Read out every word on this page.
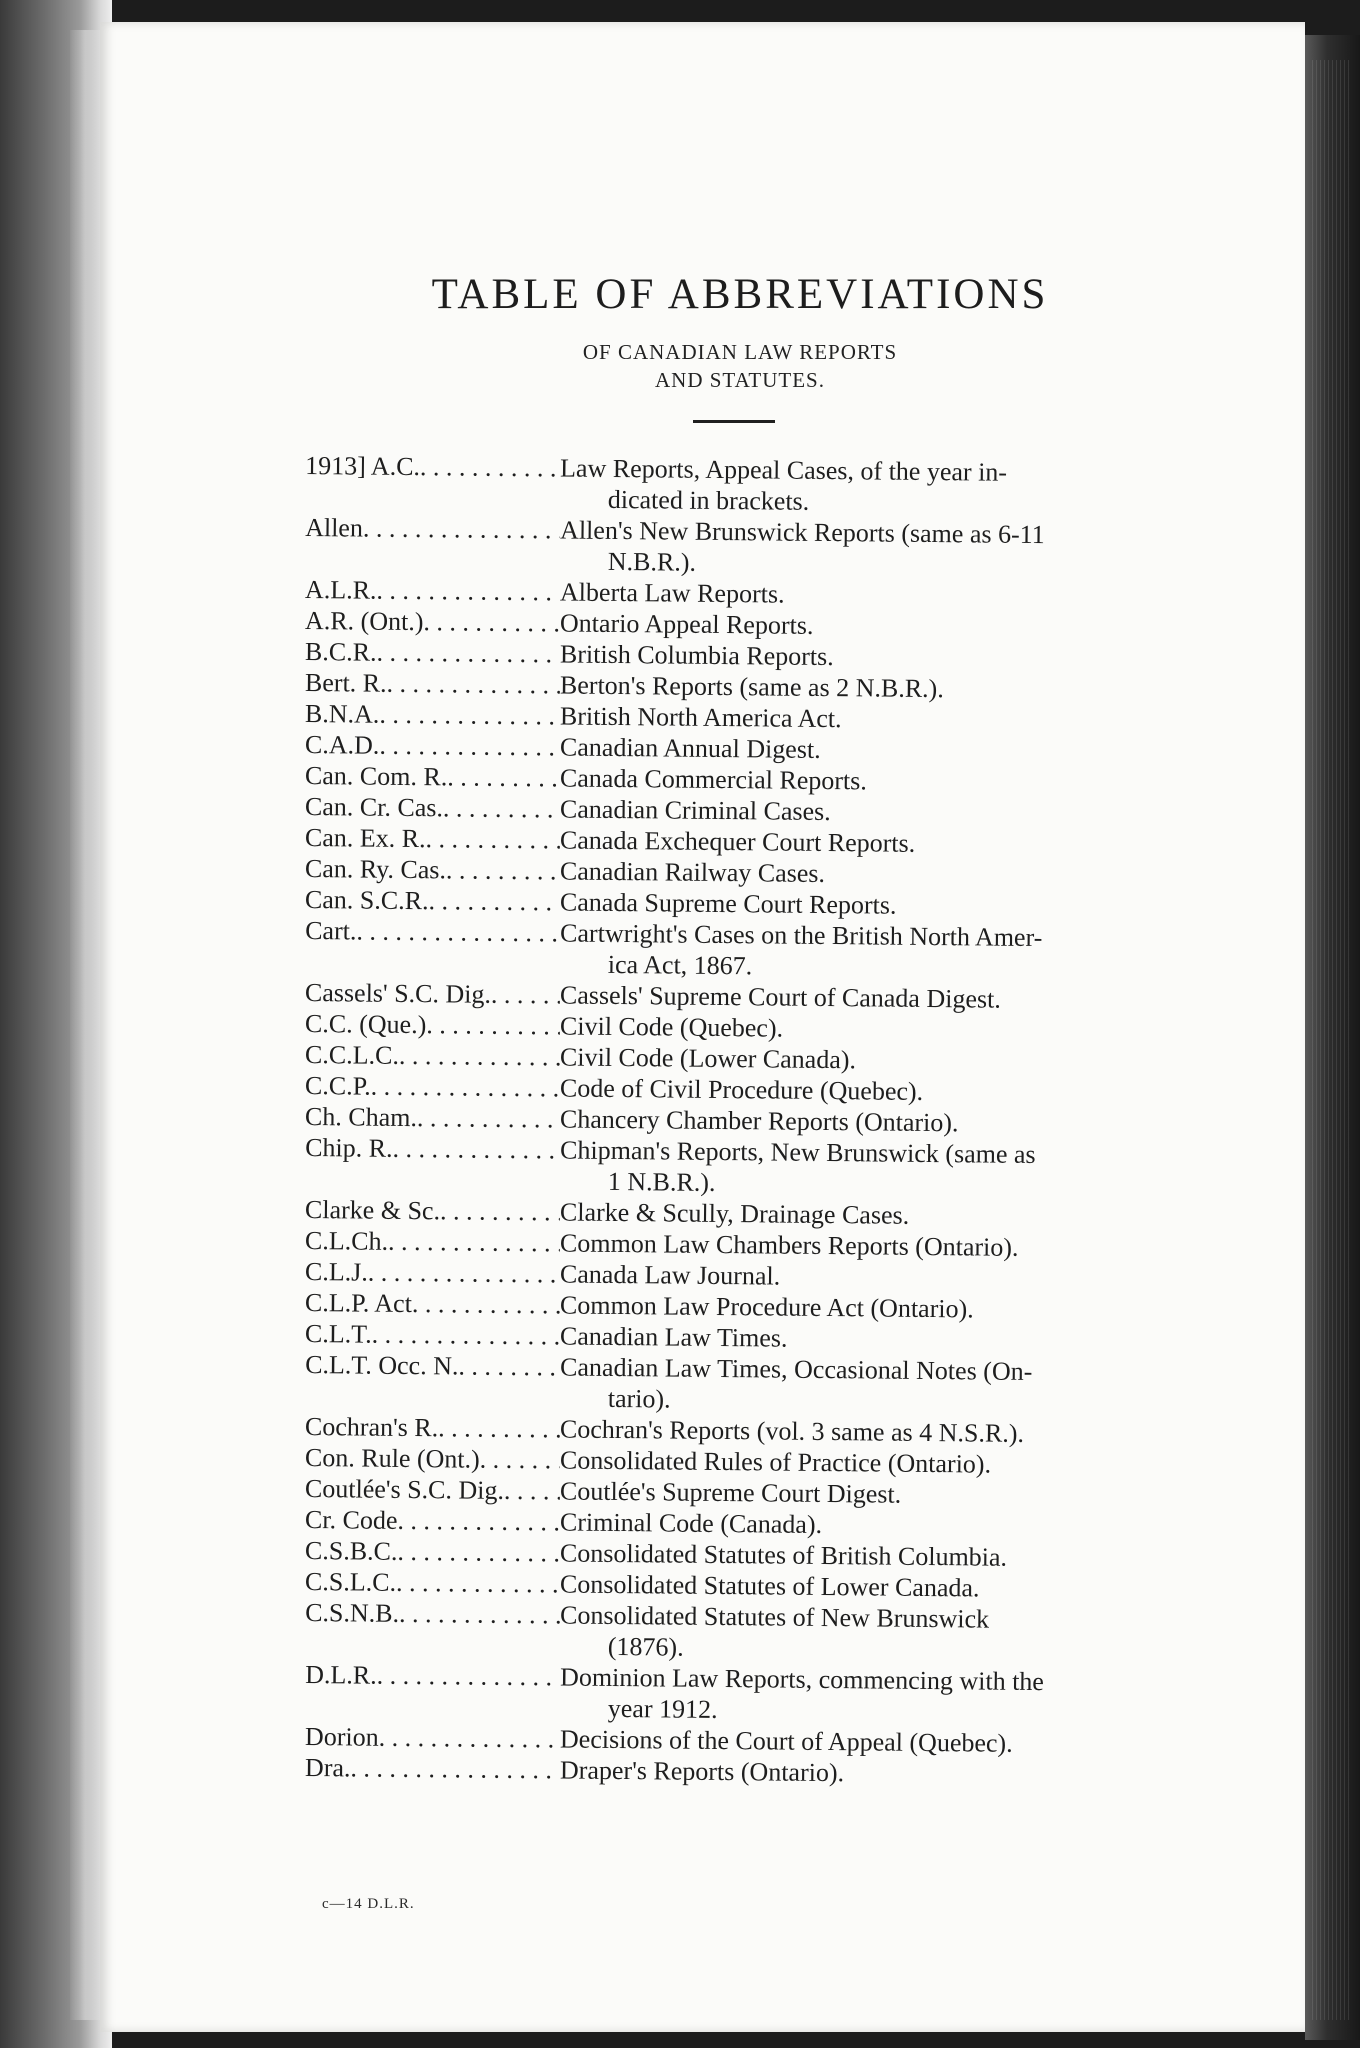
TABLE OF ABBREVIATIONS

OF CANADIAN LAW REPORTS

AND STATUTES.

1913] A.C. . . .	Law Reports, Appeal Cases, of the year in-
dicated in brackets.
Allen . . .	Allen's New Brunswick Reports (same as 6-11
N.B.R.).
A.L.R. . . .	Alberta Law Reports.
A.R. (Ont.) . . .	Ontario Appeal Reports.
B.C.R. . . .	British Columbia Reports.
Bert. R. . . .	Berton's Reports (same as 2 N.B.R.).
B.N.A. . . .	British North America Act.
C.A.D. . . .	Canadian Annual Digest.
Can. Com. R. . . .	Canada Commercial Reports.
Can. Cr. Cas. . . .	Canadian Criminal Cases.
Can. Ex. R. . . .	Canada Exchequer Court Reports.
Can. Ry. Cas. . . .	Canadian Railway Cases.
Can. S.C.R. . . .	Canada Supreme Court Reports.
Cart. . . .	Cartwright's Cases on the British North Amer-
ica Act, 1867.
Cassels' S.C. Dig. . . .	Cassels' Supreme Court of Canada Digest.
C.C. (Que.) . . .	Civil Code (Quebec).
C.C.L.C. . . .	Civil Code (Lower Canada).
C.C.P. . . .	Code of Civil Procedure (Quebec).
Ch. Cham. . . .	Chancery Chamber Reports (Ontario).
Chip. R. . . .	Chipman's Reports, New Brunswick (same as
1 N.B.R.).
Clarke & Sc. . . .	Clarke & Scully, Drainage Cases.
C.L.Ch. . . .	Common Law Chambers Reports (Ontario).
C.L.J. . . .	Canada Law Journal.
C.L.P. Act . . .	Common Law Procedure Act (Ontario).
C.L.T. . . .	Canadian Law Times.
C.L.T. Occ. N. . . .	Canadian Law Times, Occasional Notes (On-
tario).
Cochran's R. . . .	Cochran's Reports (vol. 3 same as 4 N.S.R.).
Con. Rule (Ont.) . . .	Consolidated Rules of Practice (Ontario).
Coutlée's S.C. Dig. . . . Coutlée's Supreme Court Digest.
Cr. Code . . .	Criminal Code (Canada).
C.S.B.C. . . .	Consolidated Statutes of British Columbia.
C.S.L.C. . . .	Consolidated Statutes of Lower Canada.
C.S.N.B. . . .	Consolidated Statutes of New Brunswick
(1876).
D.L.R. . . .	Dominion Law Reports, commencing with the
year 1912.
Dorion . . .	Decisions of the Court of Appeal (Quebec).
Dra. . . .	Draper's Reports (Ontario).
c—14 D.L.R.
